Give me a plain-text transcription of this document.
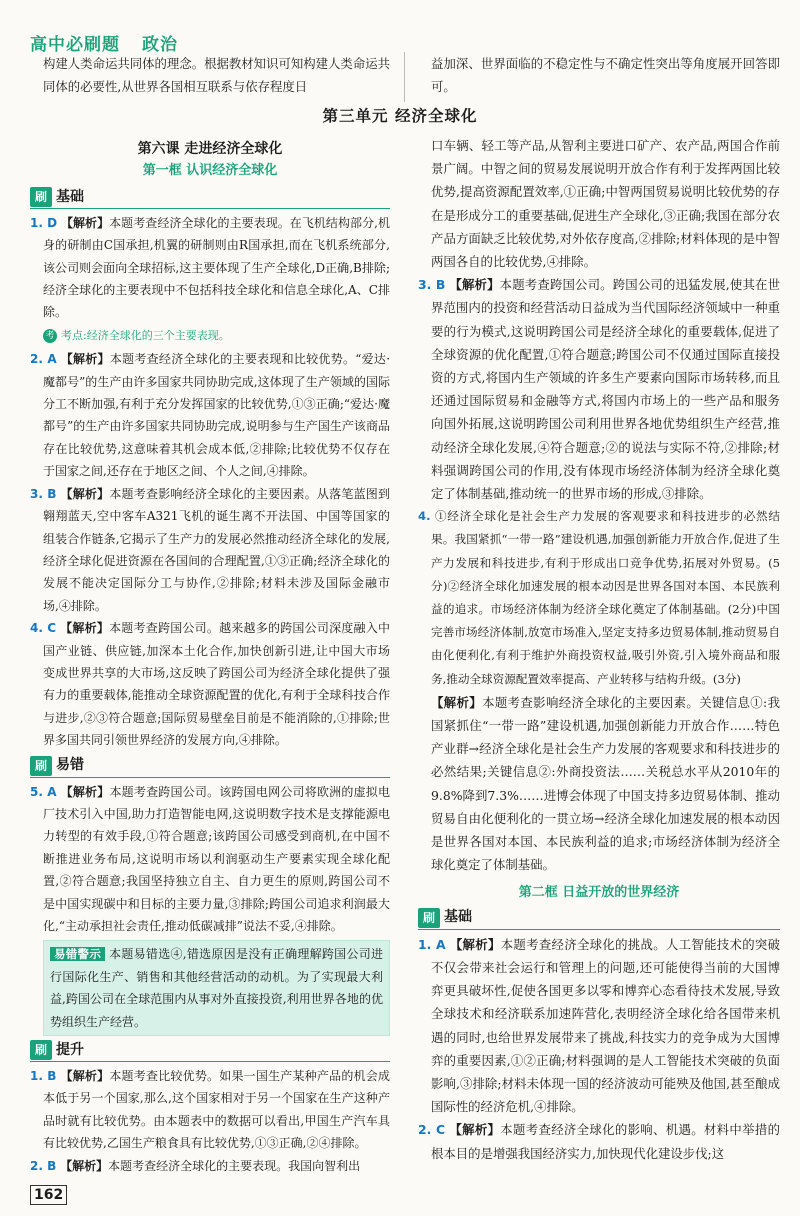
高中必刷题 政治

构建人类命运共同体的理念。根据教材知识可知构建人类命运共同体的必要性,从世界各国相互联系与依存程度日

益加深、世界面临的不稳定性与不确定性突出等角度展开回答即可。

第三单元 经济全球化
第六课 走进经济全球化
第一框 认识经济全球化
刷 基础

1. D 【解析】本题考查经济全球化的主要表现。在飞机结构部分,机身的研制由C国承担,机翼的研制则由R国承担,而在飞机系统部分,该公司则会面向全球招标,这主要体现了生产全球化,D正确,B排除;经济全球化的主要表现中不包括科技全球化和信息全球化,A、C排除。

考 考点:经济全球化的三个主要表现。

2. A 【解析】本题考查经济全球化的主要表现和比较优势。“爱达·魔都号”的生产由许多国家共同协助完成,这体现了生产领域的国际分工不断加强,有利于充分发挥国家的比较优势,①③正确;“爱达·魔都号”的生产由许多国家共同协助完成,说明参与生产国生产该商品存在比较优势,这意味着其机会成本低,②排除;比较优势不仅存在于国家之间,还存在于地区之间、个人之间,④排除。

3. B 【解析】本题考查影响经济全球化的主要因素。从落笔蓝图到翱翔蓝天,空中客车A321飞机的诞生离不开法国、中国等国家的组装合作链条,它揭示了生产力的发展必然推动经济全球化的发展,经济全球化促进资源在各国间的合理配置,①③正确;经济全球化的发展不能决定国际分工与协作,②排除;材料未涉及国际金融市场,④排除。

4. C 【解析】本题考查跨国公司。越来越多的跨国公司深度融入中国产业链、供应链,加深本土化合作,加快创新引进,让中国大市场变成世界共享的大市场,这反映了跨国公司为经济全球化提供了强有力的重要载体,能推动全球资源配置的优化,有利于全球科技合作与进步,②③符合题意;国际贸易壁垒目前是不能消除的,①排除;世界多国共同引领世界经济的发展方向,④排除。

刷 易错

5. A 【解析】本题考查跨国公司。该跨国电网公司将欧洲的虚拟电厂技术引入中国,助力打造智能电网,这说明数字技术是支撑能源电力转型的有效手段,①符合题意;该跨国公司感受到商机,在中国不断推进业务布局,这说明市场以利润驱动生产要素实现全球化配置,②符合题意;我国坚持独立自主、自力更生的原则,跨国公司不是中国实现碳中和目标的主要力量,③排除;跨国公司追求利润最大化,“主动承担社会责任,推动低碳减排”说法不妥,④排除。

易错警示 本题易错选④,错选原因是没有正确理解跨国公司进行国际化生产、销售和其他经营活动的动机。为了实现最大利益,跨国公司在全球范围内从事对外直接投资,利用世界各地的优势组织生产经营。
刷 提升

1. B 【解析】本题考查比较优势。如果一国生产某种产品的机会成本低于另一个国家,那么,这个国家相对于另一个国家在生产这种产品时就有比较优势。由本题表中的数据可以看出,甲国生产汽车具有比较优势,乙国生产粮食具有比较优势,①③正确,②④排除。

2. B 【解析】本题考查经济全球化的主要表现。我国向智利出

口车辆、轻工等产品,从智利主要进口矿产、农产品,两国合作前景广阔。中智之间的贸易发展说明开放合作有利于发挥两国比较优势,提高资源配置效率,①正确;中智两国贸易说明比较优势的存在是形成分工的重要基础,促进生产全球化,③正确;我国在部分农产品方面缺乏比较优势,对外依存度高,②排除;材料体现的是中智两国各自的比较优势,④排除。

3. B 【解析】本题考查跨国公司。跨国公司的迅猛发展,使其在世界范围内的投资和经营活动日益成为当代国际经济领域中一种重要的行为模式,这说明跨国公司是经济全球化的重要载体,促进了全球资源的优化配置,①符合题意;跨国公司不仅通过国际直接投资的方式,将国内生产领域的许多生产要素向国际市场转移,而且还通过国际贸易和金融等方式,将国内市场上的一些产品和服务向国外拓展,这说明跨国公司利用世界各地优势组织生产经营,推动经济全球化发展,④符合题意;②的说法与实际不符,②排除;材料强调跨国公司的作用,没有体现市场经济体制为经济全球化奠定了体制基础,推动统一的世界市场的形成,③排除。

4. ①经济全球化是社会生产力发展的客观要求和科技进步的必然结果。我国紧抓“一带一路”建设机遇,加强创新能力开放合作,促进了生产力发展和科技进步,有利于形成出口竞争优势,拓展对外贸易。(5分)②经济全球化加速发展的根本动因是世界各国对本国、本民族利益的追求。市场经济体制为经济全球化奠定了体制基础。(2分)中国完善市场经济体制,放宽市场准入,坚定支持多边贸易体制,推动贸易自由化便利化,有利于维护外商投资权益,吸引外资,引入境外商品和服务,推动全球资源配置效率提高、产业转移与结构升级。(3分)

【解析】本题考查影响经济全球化的主要因素。关键信息①:我国紧抓住“一带一路”建设机遇,加强创新能力开放合作……特色产业群→经济全球化是社会生产力发展的客观要求和科技进步的必然结果;关键信息②:外商投资法……关税总水平从2010年的9.8%降到7.3%……进博会体现了中国支持多边贸易体制、推动贸易自由化便利化的一贯立场→经济全球化加速发展的根本动因是世界各国对本国、本民族利益的追求;市场经济体制为经济全球化奠定了体制基础。

第二框 日益开放的世界经济
刷 基础

1. A 【解析】本题考查经济全球化的挑战。人工智能技术的突破不仅会带来社会运行和管理上的问题,还可能使得当前的大国博弈更具破坏性,促使各国更多以零和博弈心态看待技术发展,导致全球技术和经济联系加速阵营化,表明经济全球化给各国带来机遇的同时,也给世界发展带来了挑战,科技实力的竞争成为大国博弈的重要因素,①②正确;材料强调的是人工智能技术突破的负面影响,③排除;材料未体现一国的经济波动可能殃及他国,甚至酿成国际性的经济危机,④排除。

2. C 【解析】本题考查经济全球化的影响、机遇。材料中举措的根本目的是增强我国经济实力,加快现代化建设步伐;这

162
